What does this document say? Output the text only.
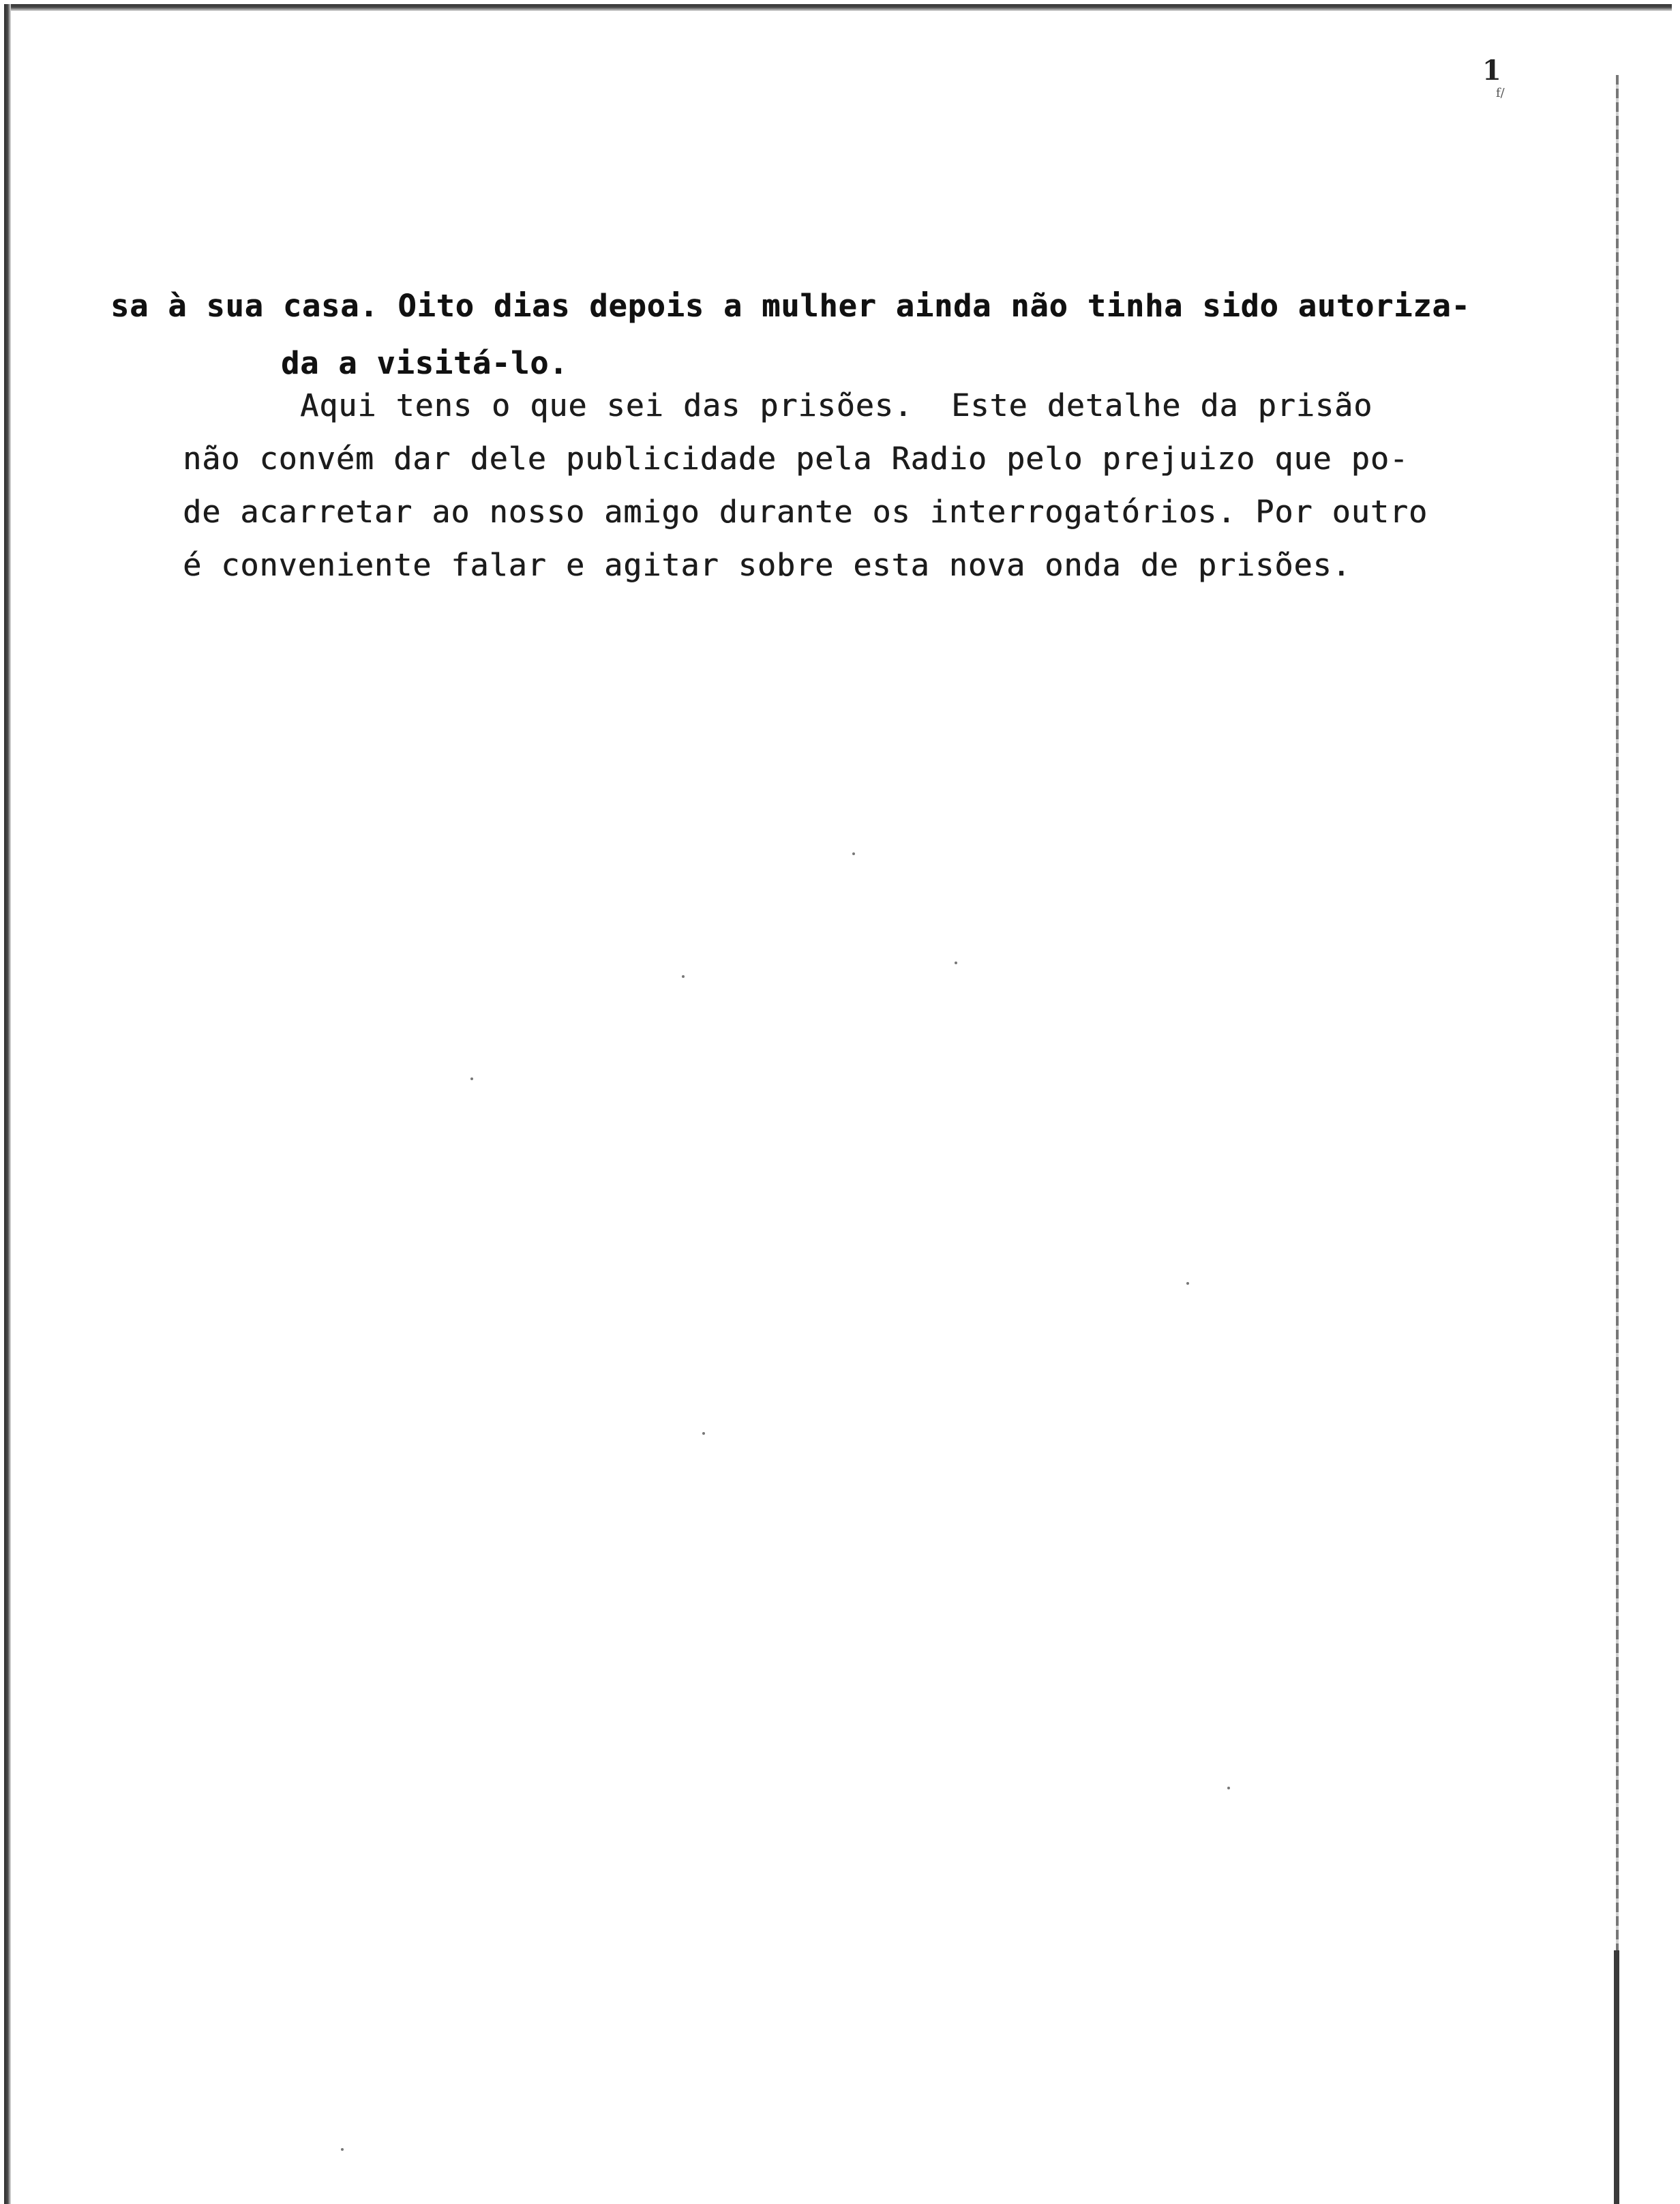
1
f/
sa à sua casa. Oito dias depois a mulher ainda não tinha sido autoriza-
da a visitá-lo.
Aqui tens o que sei das prisões.  Este detalhe da prisão
não convém dar dele publicidade pela Radio pelo prejuizo que po-
de acarretar ao nosso amigo durante os interrogatórios. Por outro
é conveniente falar e agitar sobre esta nova onda de prisões.
